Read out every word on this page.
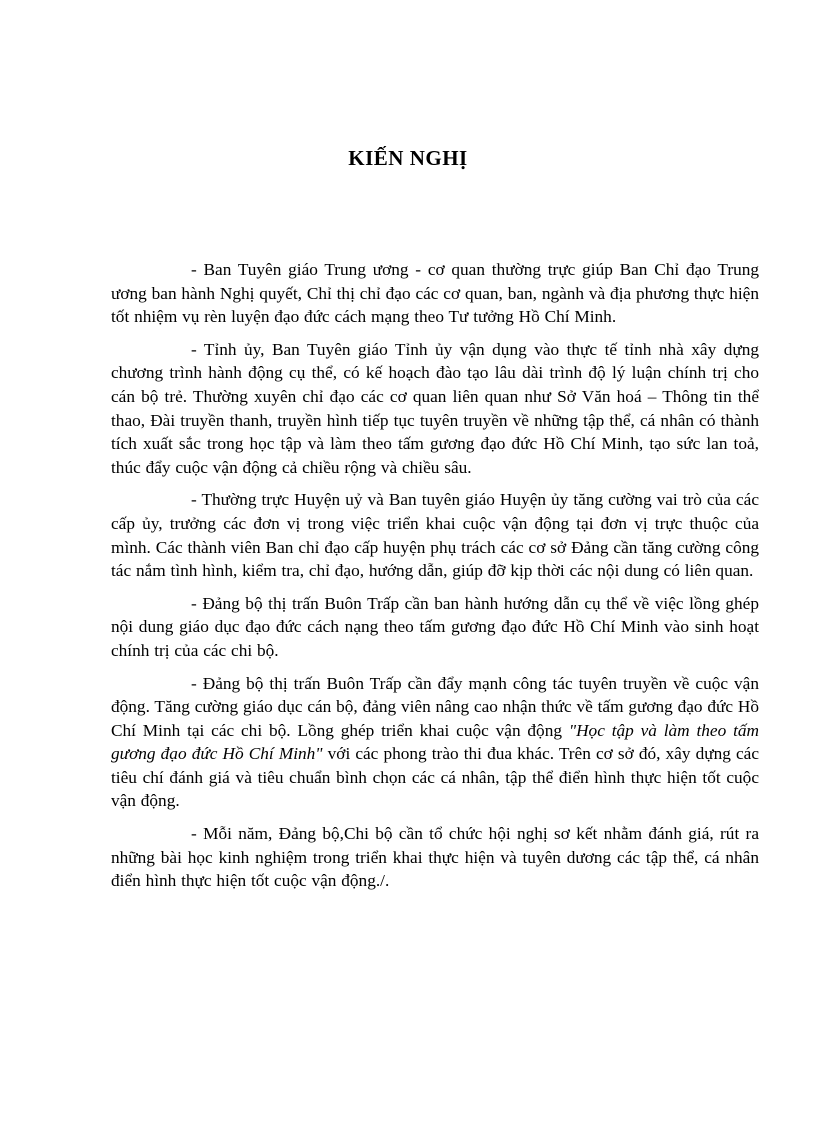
KIẾN NGHỊ

- Ban Tuyên giáo Trung ương - cơ quan thường trực giúp Ban Chỉ đạo Trung ương ban hành Nghị quyết, Chỉ thị chỉ đạo các cơ quan, ban, ngành và địa phương thực hiện tốt nhiệm vụ rèn luyện đạo đức cách mạng theo Tư tưởng Hồ Chí Minh.

- Tỉnh ủy, Ban Tuyên giáo Tỉnh ủy vận dụng vào thực tế tỉnh nhà xây dựng chương trình hành động cụ thể, có kế hoạch đào tạo lâu dài trình độ lý luận chính trị cho cán bộ trẻ. Thường xuyên chỉ đạo các cơ quan liên quan như Sở Văn hoá – Thông tin thể thao, Đài truyền thanh, truyền hình tiếp tục tuyên truyền về những tập thể, cá nhân có thành tích xuất sắc trong học tập và làm theo tấm gương đạo đức Hồ Chí Minh, tạo sức lan toả, thúc đẩy cuộc vận động cả chiều rộng và chiều sâu.

- Thường trực Huyện uỷ và Ban tuyên giáo Huyện ủy tăng cường vai trò của các cấp ủy, trưởng các đơn vị trong việc triển khai cuộc vận động tại đơn vị trực thuộc của mình. Các thành viên Ban chỉ đạo cấp huyện phụ trách các cơ sở Đảng cần tăng cường công tác nắm tình hình, kiểm tra, chỉ đạo, hướng dẫn, giúp đỡ kịp thời các nội dung có liên quan.

- Đảng bộ thị trấn Buôn Trấp cần ban hành hướng dẫn cụ thể về việc lồng ghép nội dung giáo dục đạo đức cách nạng theo tấm gương đạo đức Hồ Chí Minh vào sinh hoạt chính trị của các chi bộ.

- Đảng bộ thị trấn Buôn Trấp cần đẩy mạnh công tác tuyên truyền về cuộc vận động. Tăng cường giáo dục cán bộ, đảng viên nâng cao nhận thức về tấm gương đạo đức Hồ Chí Minh tại các chi bộ. Lồng ghép triển khai cuộc vận động "Học tập và làm theo tấm gương đạo đức Hồ Chí Minh" với các phong trào thi đua khác. Trên cơ sở đó, xây dựng các tiêu chí đánh giá và tiêu chuẩn bình chọn các cá nhân, tập thể điển hình thực hiện tốt cuộc vận động.

- Mỗi năm, Đảng bộ,Chi bộ cần tổ chức hội nghị sơ kết nhằm đánh giá, rút ra những bài học kinh nghiệm trong triển khai thực hiện và tuyên dương các tập thể, cá nhân điển hình thực hiện tốt cuộc vận động./.
